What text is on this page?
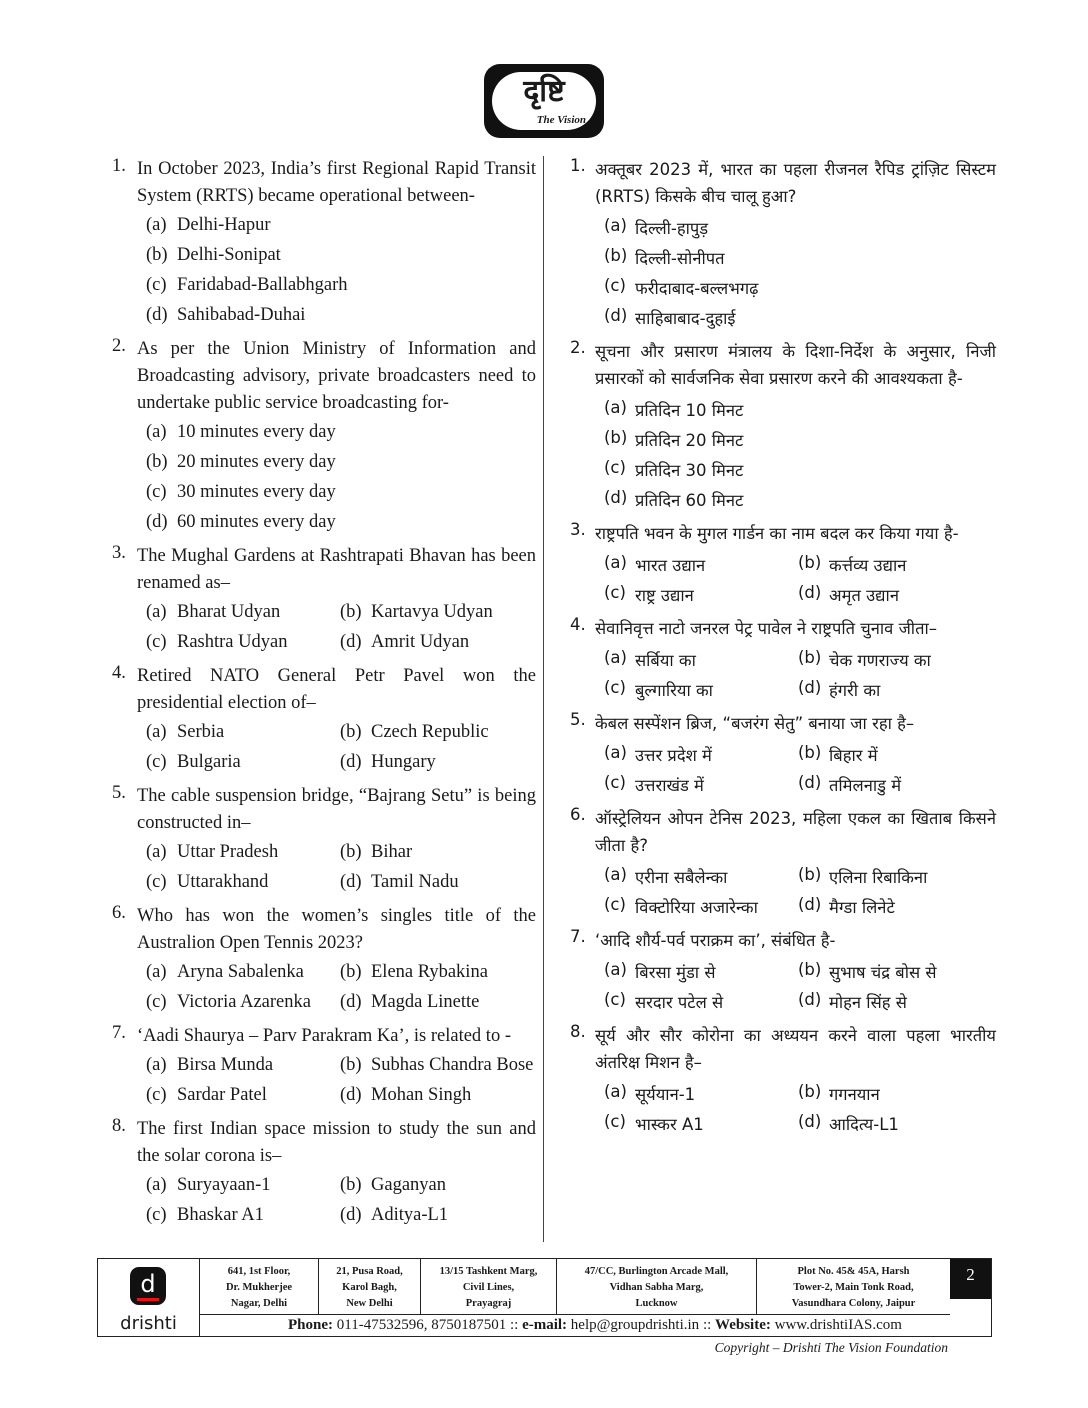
दृष्टि
The Vision
1. In October 2023, India’s first Regional Rapid Transit System (RRTS) became operational between-
(a) Delhi-Hapur
(b) Delhi-Sonipat
(c) Faridabad-Ballabhgarh
(d) Sahibabad-Duhai
2. As per the Union Ministry of Information and Broadcasting advisory, private broadcasters need to undertake public service broadcasting for-
(a) 10 minutes every day
(b) 20 minutes every day
(c) 30 minutes every day
(d) 60 minutes every day
3. The Mughal Gardens at Rashtrapati Bhavan has been renamed as–
(a) Bharat Udyan	(b) Kartavya Udyan
(c) Rashtra Udyan	(d) Amrit Udyan
4. Retired NATO General Petr Pavel won the presidential election of–
(a) Serbia	(b) Czech Republic
(c) Bulgaria	(d) Hungary
5. The cable suspension bridge, “Bajrang Setu” is being constructed in–
(a) Uttar Pradesh	(b) Bihar
(c) Uttarakhand	(d) Tamil Nadu
6. Who has won the women’s singles title of the Australion Open Tennis 2023?
(a) Aryna Sabalenka (b) Elena Rybakina
(c) Victoria Azarenka (d) Magda Linette
7. ‘Aadi Shaurya – Parv Parakram Ka’, is related to -
(a) Birsa Munda	(b) Subhas Chandra Bose
(c) Sardar Patel	(d) Mohan Singh
8. The first Indian space mission to study the sun and the solar corona is–
(a) Suryayaan-1	(b) Gaganyan
(c) Bhaskar A1	(d) Aditya-L1
1. अक्तूबर 2023 में, भारत का पहला रीजनल रैपिड ट्रांज़िट सिस्टम (RRTS) किसके बीच चालू हुआ?
(a) दिल्ली-हापुड़
(b) दिल्ली-सोनीपत
(c) फरीदाबाद-बल्लभगढ़
(d) साहिबाबाद-दुहाई
2. सूचना और प्रसारण मंत्रालय के दिशा-निर्देश के अनुसार, निजी प्रसारकों को सार्वजनिक सेवा प्रसारण करने की आवश्यकता है-
(a) प्रतिदिन 10 मिनट
(b) प्रतिदिन 20 मिनट
(c) प्रतिदिन 30 मिनट
(d) प्रतिदिन 60 मिनट
3. राष्ट्रपति भवन के मुगल गार्डन का नाम बदल कर किया गया है-
(a) भारत उद्यान	(b) कर्त्तव्य उद्यान
(c) राष्ट्र उद्यान	(d) अमृत उद्यान
4. सेवानिवृत्त नाटो जनरल पेट्र पावेल ने राष्ट्रपति चुनाव जीता–
(a) सर्बिया का	(b) चेक गणराज्य का
(c) बुल्गारिया का	(d) हंगरी का
5. केबल सस्पेंशन ब्रिज, “बजरंग सेतु” बनाया जा रहा है–
(a) उत्तर प्रदेश में	(b) बिहार में
(c) उत्तराखंड में	(d) तमिलनाडु में
6. ऑस्ट्रेलियन ओपन टेनिस 2023, महिला एकल का खिताब किसने जीता है?
(a) एरीना सबैलेन्का	(b) एलिना रिबाकिना
(c) विक्टोरिया अजारेन्का (d) मैग्डा लिनेटे
7. ‘आदि शौर्य-पर्व पराक्रम का’, संबंधित है-
(a) बिरसा मुंडा से	(b) सुभाष चंद्र बोस से
(c) सरदार पटेल से	(d) मोहन सिंह से
8. सूर्य और सौर कोरोना का अध्ययन करने वाला पहला भारतीय अंतरिक्ष मिशन है–
(a) सूर्ययान-1	(b) गगनयान
(c) भास्कर A1	(d) आदित्य-L1
d
drishti
641, 1st Floor,
Dr. Mukherjee
Nagar, Delhi
21, Pusa Road,
Karol Bagh,
New Delhi
13/15 Tashkent Marg,
Civil Lines,
Prayagraj
47/CC, Burlington Arcade Mall,
Vidhan Sabha Marg,
Lucknow
Plot No. 45& 45A, Harsh
Tower-2, Main Tonk Road,
Vasundhara Colony, Jaipur
2
Phone: 011-47532596, 8750187501 :: e-mail: help@groupdrishti.in :: Website: www.drishtiIAS.com
Copyright – Drishti The Vision Foundation
